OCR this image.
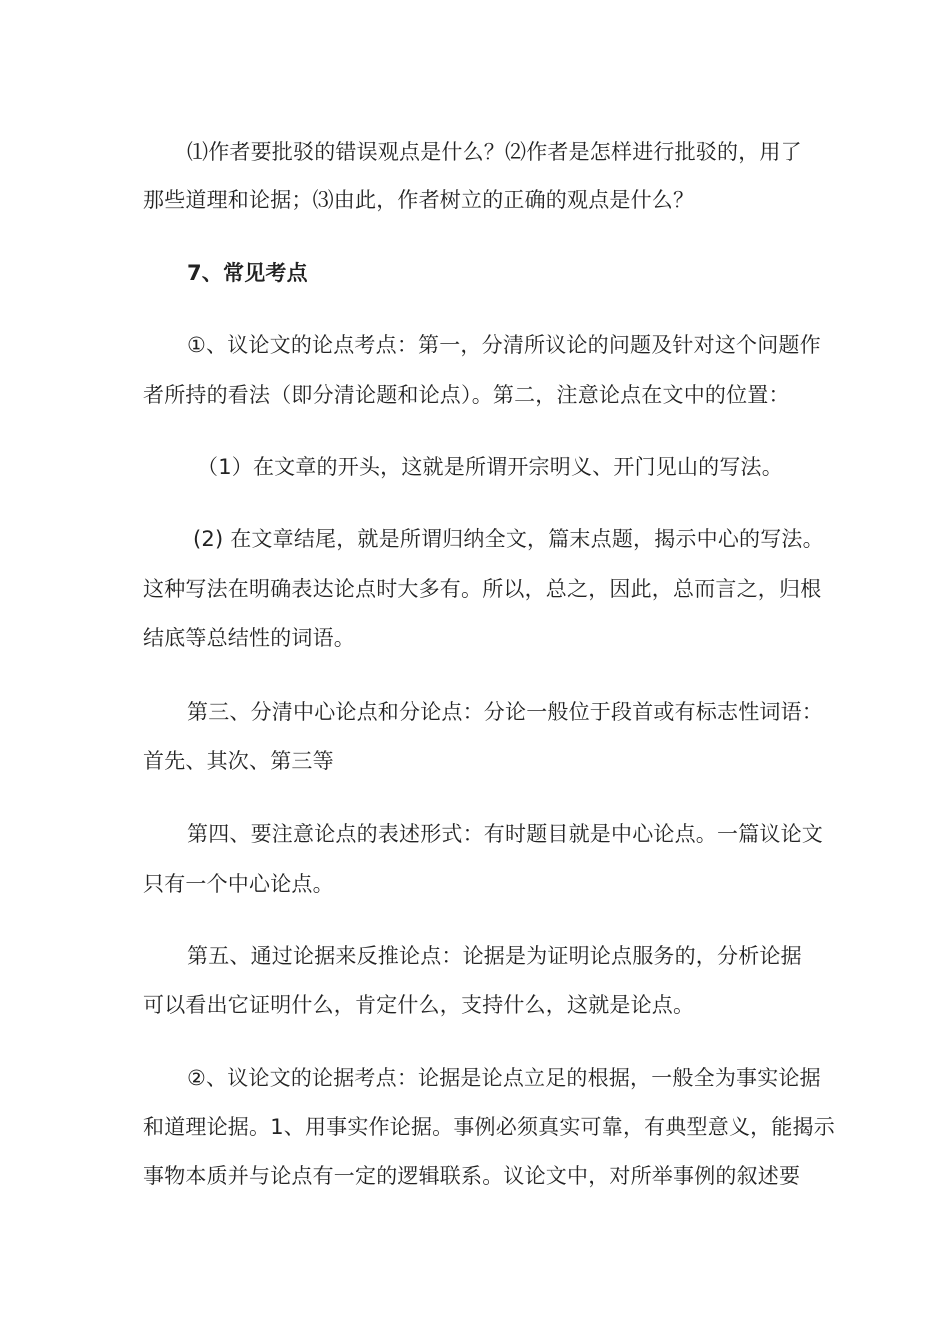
⑴作者要批驳的错误观点是什么？⑵作者是怎样进行批驳的，用了
那些道理和论据；⑶由此，作者树立的正确的观点是什么？
7、常见考点
①、议论文的论点考点：第一，分清所议论的问题及针对这个问题作
者所持的看法（即分清论题和论点）。第二，注意论点在文中的位置：
（1）在文章的开头，这就是所谓开宗明义、开门见山的写法。
(2) 在文章结尾，就是所谓归纳全文，篇末点题，揭示中心的写法。
这种写法在明确表达论点时大多有。所以，总之，因此，总而言之，归根
结底等总结性的词语。
第三、分清中心论点和分论点：分论一般位于段首或有标志性词语：
首先、其次、第三等
第四、要注意论点的表述形式：有时题目就是中心论点。一篇议论文
只有一个中心论点。
第五、通过论据来反推论点：论据是为证明论点服务的，分析论据
可以看出它证明什么，肯定什么，支持什么，这就是论点。
②、议论文的论据考点：论据是论点立足的根据，一般全为事实论据
和道理论据。1、用事实作论据。事例必须真实可靠，有典型意义，能揭示
事物本质并与论点有一定的逻辑联系。议论文中，对所举事例的叙述要
